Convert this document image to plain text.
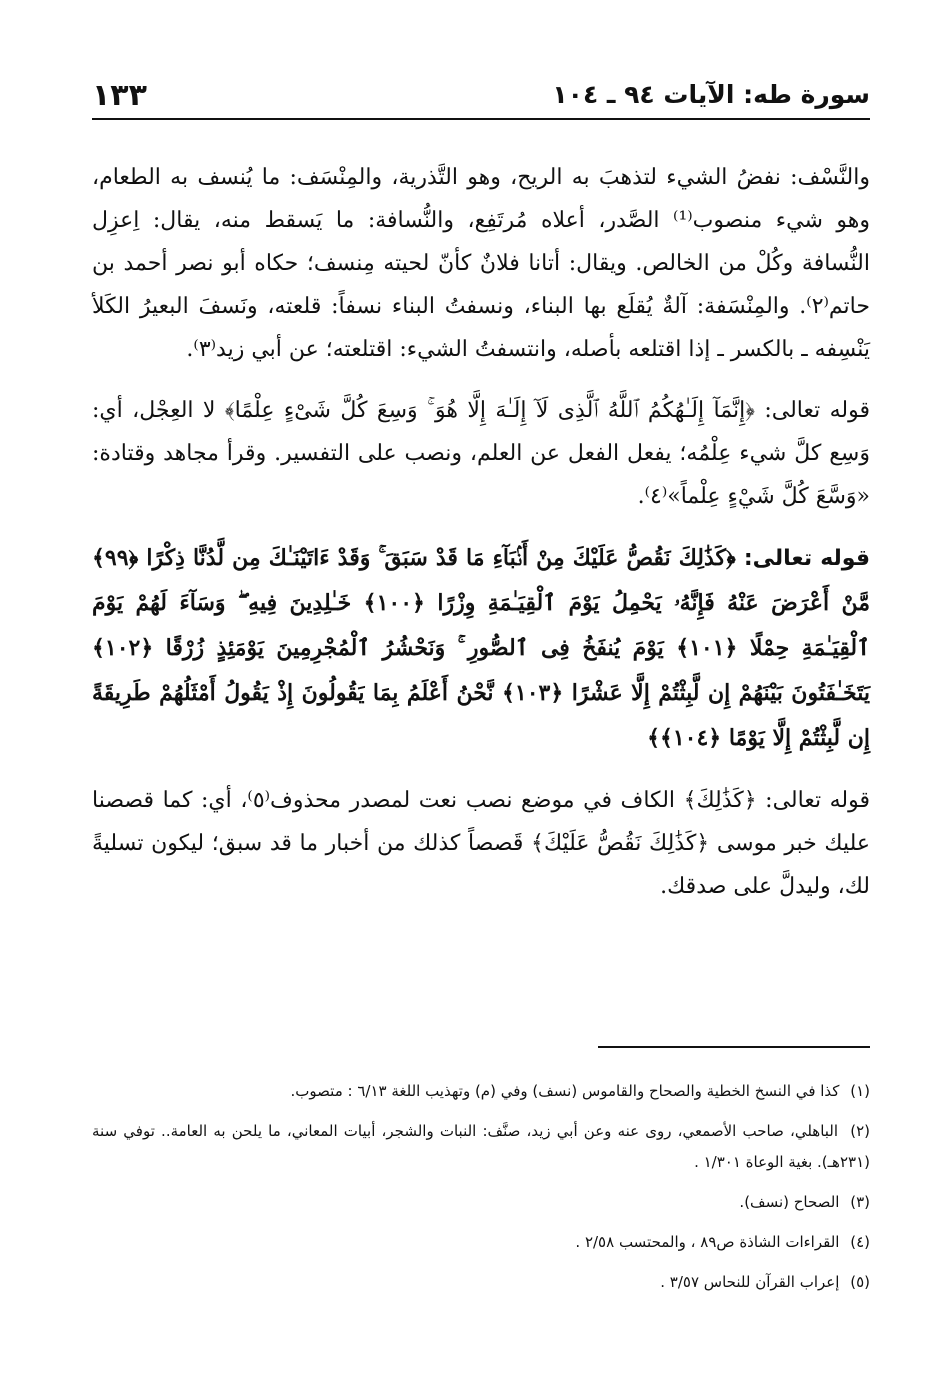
سورة طه: الآيات ٩٤ ـ ١٠٤
١٣٣

والنَّسْف: نفضُ الشيء لتذهبَ به الريح، وهو التَّذرية، والمِنْسَف: ما يُنسف به الطعام، وهو شيء منصوب⁽¹⁾ الصَّدر، أعلاه مُرتَفِع، والنُّسافة: ما يَسقط منه، يقال: اِعزِل النُّسافة وكُلْ من الخالص. ويقال: أتانا فلانٌ كأنّ لحيته مِنسف؛ حكاه أبو نصر أحمد بن حاتم⁽٢⁾. والمِنْسَفة: آلةٌ يُقلَع بها البناء، ونسفتُ البناء نسفاً: قلعته، ونَسفَ البعيرُ الكَلأ يَنْسِفه ـ بالكسر ـ إذا اقتلعه بأصله، وانتسفتُ الشيء: اقتلعته؛ عن أبي زيد⁽٣⁾.

قوله تعالى: ﴿إِنَّمَآ إِلَـٰهُكُمُ ٱللَّهُ ٱلَّذِى لَآ إِلَـٰهَ إِلَّا هُوَ ۚ وَسِعَ كُلَّ شَىْءٍ عِلْمًا﴾ لا العِجْل، أي: وَسِع كلَّ شيء عِلْمُه؛ يفعل الفعل عن العلم، ونصب على التفسير. وقرأ مجاهد وقتادة: «وَسَّعَ كُلَّ شَيْءٍ عِلْماً»⁽٤⁾.

قوله تعالى: ﴿كَذَٰلِكَ نَقُصُّ عَلَيْكَ مِنْ أَنۢبَآءِ مَا قَدْ سَبَقَ ۚ وَقَدْ ءَاتَيْنَـٰكَ مِن لَّدُنَّا ذِكْرًا ﴿٩٩﴾ مَّنْ أَعْرَضَ عَنْهُ فَإِنَّهُۥ يَحْمِلُ يَوْمَ ٱلْقِيَـٰمَةِ وِزْرًا ﴿١٠٠﴾ خَـٰلِدِينَ فِيهِ ۖ وَسَآءَ لَهُمْ يَوْمَ ٱلْقِيَـٰمَةِ حِمْلًا ﴿١٠١﴾ يَوْمَ يُنفَخُ فِى ٱلصُّورِ ۚ وَنَحْشُرُ ٱلْمُجْرِمِينَ يَوْمَئِذٍ زُرْقًا ﴿١٠٢﴾ يَتَخَـٰفَتُونَ بَيْنَهُمْ إِن لَّبِثْتُمْ إِلَّا عَشْرًا ﴿١٠٣﴾ نَّحْنُ أَعْلَمُ بِمَا يَقُولُونَ إِذْ يَقُولُ أَمْثَلُهُمْ طَرِيقَةً إِن لَّبِثْتُمْ إِلَّا يَوْمًا ﴿١٠٤﴾﴾

قوله تعالى: ﴿كَذَٰلِكَ﴾ الكاف في موضع نصب نعت لمصدر محذوف⁽٥⁾، أي: كما قصصنا عليك خبر موسى ﴿كَذَٰلِكَ نَقُصُّ عَلَيْكَ﴾ قَصصاً كذلك من أخبار ما قد سبق؛ ليكون تسليةً لك، وليدلَّ على صدقك.

(١) كذا في النسخ الخطية والصحاح والقاموس (نسف) وفي (م) وتهذيب اللغة ٦/١٣ : متصوب.

(٢) الباهلي، صاحب الأصمعي، روى عنه وعن أبي زيد، صنَّف: النبات والشجر، أبيات المعاني، ما يلحن به العامة.. توفي سنة (٢٣١هـ). بغية الوعاة ١/٣٠١ .

(٣) الصحاح (نسف).

(٤) القراءات الشاذة ص٨٩ ، والمحتسب ٢/٥٨ .

(٥) إعراب القرآن للنحاس ٣/٥٧ .
